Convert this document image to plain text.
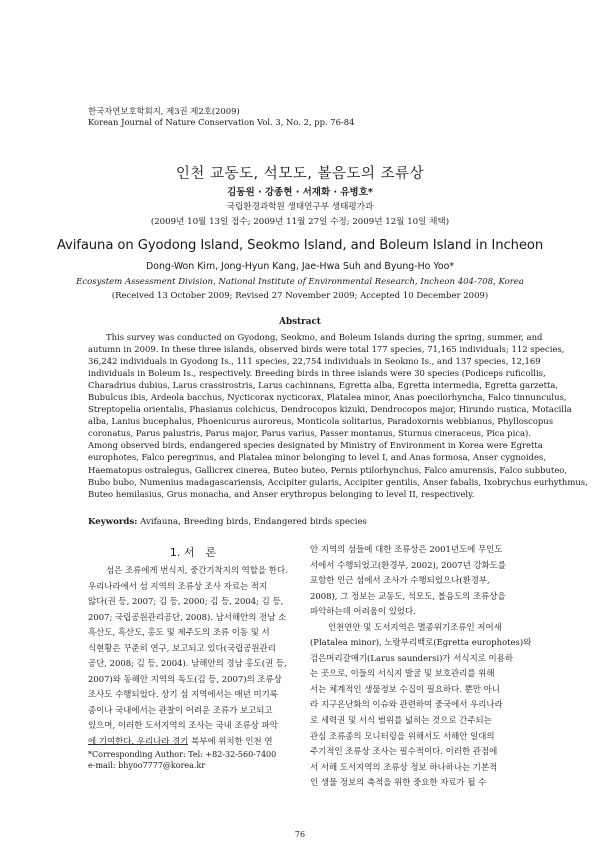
한국자연보호학회지, 제3권 제2호(2009)
Korean Journal of Nature Conservation Vol. 3, No. 2, pp. 76-84
인천 교동도, 석모도, 볼음도의 조류상
김동원 · 강종현 · 서재화 · 유병호*
국립환경과학원 생태연구부 생태평가과
(2009년 10월 13일 접수; 2009년 11월 27일 수정; 2009년 12월 10일 채택)
Avifauna on Gyodong Island, Seokmo Island, and Boleum Island in Incheon
Dong-Won Kim, Jong-Hyun Kang, Jae-Hwa Suh and Byung-Ho Yoo*
Ecosystem Assessment Division, National Institute of Environmental Research, Incheon 404-708, Korea
(Received 13 October 2009; Revised 27 November 2009; Accepted 10 December 2009)
Abstract
This survey was conducted on Gyodong, Seokmo, and Boleum Islands during the spring, summer, and
autumn in 2009. In these three islands, observed birds were total 177 species, 71,165 individuals; 112 species,
36,242 individuals in Gyodong Is., 111 species, 22,754 individuals in Seokmo Is., and 137 species, 12,169
individuals in Boleum Is., respectively. Breeding birds in three islands were 30 species (Podiceps ruficollis,
Charadrius dubius, Larus crassirostris, Larus cachinnans, Egretta alba, Egretta intermedia, Egretta garzetta,
Bubulcus ibis, Ardeola bacchus, Nycticorax nycticorax, Platalea minor, Anas poecilorhyncha, Falco tinnunculus,
Streptopelia orientalis, Phasianus colchicus, Dendrocopos kizuki, Dendrocopos major, Hirundo rustica, Motacilla
alba, Lanius bucephalus, Phoenicurus auroreus, Monticola solitarius, Paradoxornis webbianus, Phylloscopus
coronatus, Parus palustris, Parus major, Parus varius, Passer montanus, Sturnus cineraceus, Pica pica).
Among observed birds, endangered species designated by Ministry of Environment in Korea were Egretta
europhotes, Falco peregrinus, and Platalea minor belonging to level I, and Anas formosa, Anser cygnoides,
Haematopus ostralegus, Gallicrex cinerea, Buteo buteo, Pernis ptilorhynchus, Falco amurensis, Falco subbuteo,
Bubo bubo, Numenius madagascariensis, Accipiter gularis, Accipiter gentilis, Anser fabalis, Ixobrychus eurhythmus,
Buteo hemilasius, Grus monacha, and Anser erythropus belonging to level II, respectively.
Keywords: Avifauna, Breeding birds, Endangered birds species
1. 서　론
섬은 조류에게 번식지, 중간기착지의 역할을 한다.
우리나라에서 섬 지역의 조류상 조사 자료는 적지
않다(권 등, 2007; 김 등, 2000; 김 등, 2004; 김 등,
2007; 국립공원관리공단, 2008). 남서해안의 전남 소
흑산도, 흑산도, 홍도 및 제주도의 조류 이동 및 서
식현황은 꾸준히 연구, 보고되고 있다(국립공원관리
공단, 2008; 김 등, 2004). 남해안의 경남 홍도(권 등,
2007)와 동해안 지역의 독도(김 등, 2007)의 조류상
조사도 수행되었다. 상기 섬 지역에서는 매년 미기록
종이나 국내에서는 관찰이 어려운 조류가 보고되고
있으며, 이러한 도서지역의 조사는 국내 조류상 파악
에 기여한다. 우리나라 경기 북부에 위치한 인천 연
안 지역의 섬들에 대한 조류상은 2001년도에 무인도
서에서 수행되었고(환경부, 2002), 2007년 강화도를
포함한 인근 섬에서 조사가 수행되었으나(환경부,
2008), 그 정보는 교동도, 석모도, 볼음도의 조류상을
파악하는데 어려움이 있었다.
인천연안 및 도서지역은 멸종위기조류인 저어새
(Platalea minor), 노랑부리백로(Egretta europhotes)와
검은머리갈매기(Larus saundersi)가 서식지로 이용하
는 곳으로, 이들의 서식지 발굴 및 보호관리를 위해
서는 체계적인 생물정보 수집이 필요하다. 뿐만 아니
라 지구온난화의 이슈와 관련하여 중국에서 우리나라
로 세력권 및 서식 범위를 넓히는 것으로 간주되는
관심 조류종의 모니터링을 위해서도 서해안 일대의
주기적인 조류상 조사는 필수적이다. 이러한 관점에
서 서해 도서지역의 조류상 정보 하나하나는 기본적
인 생물 정보의 축적을 위한 중요한 자료가 될 수
*Corresponding Author: Tel: +82-32-560-7400
e-mail: bhyoo7777@korea.kr
76
